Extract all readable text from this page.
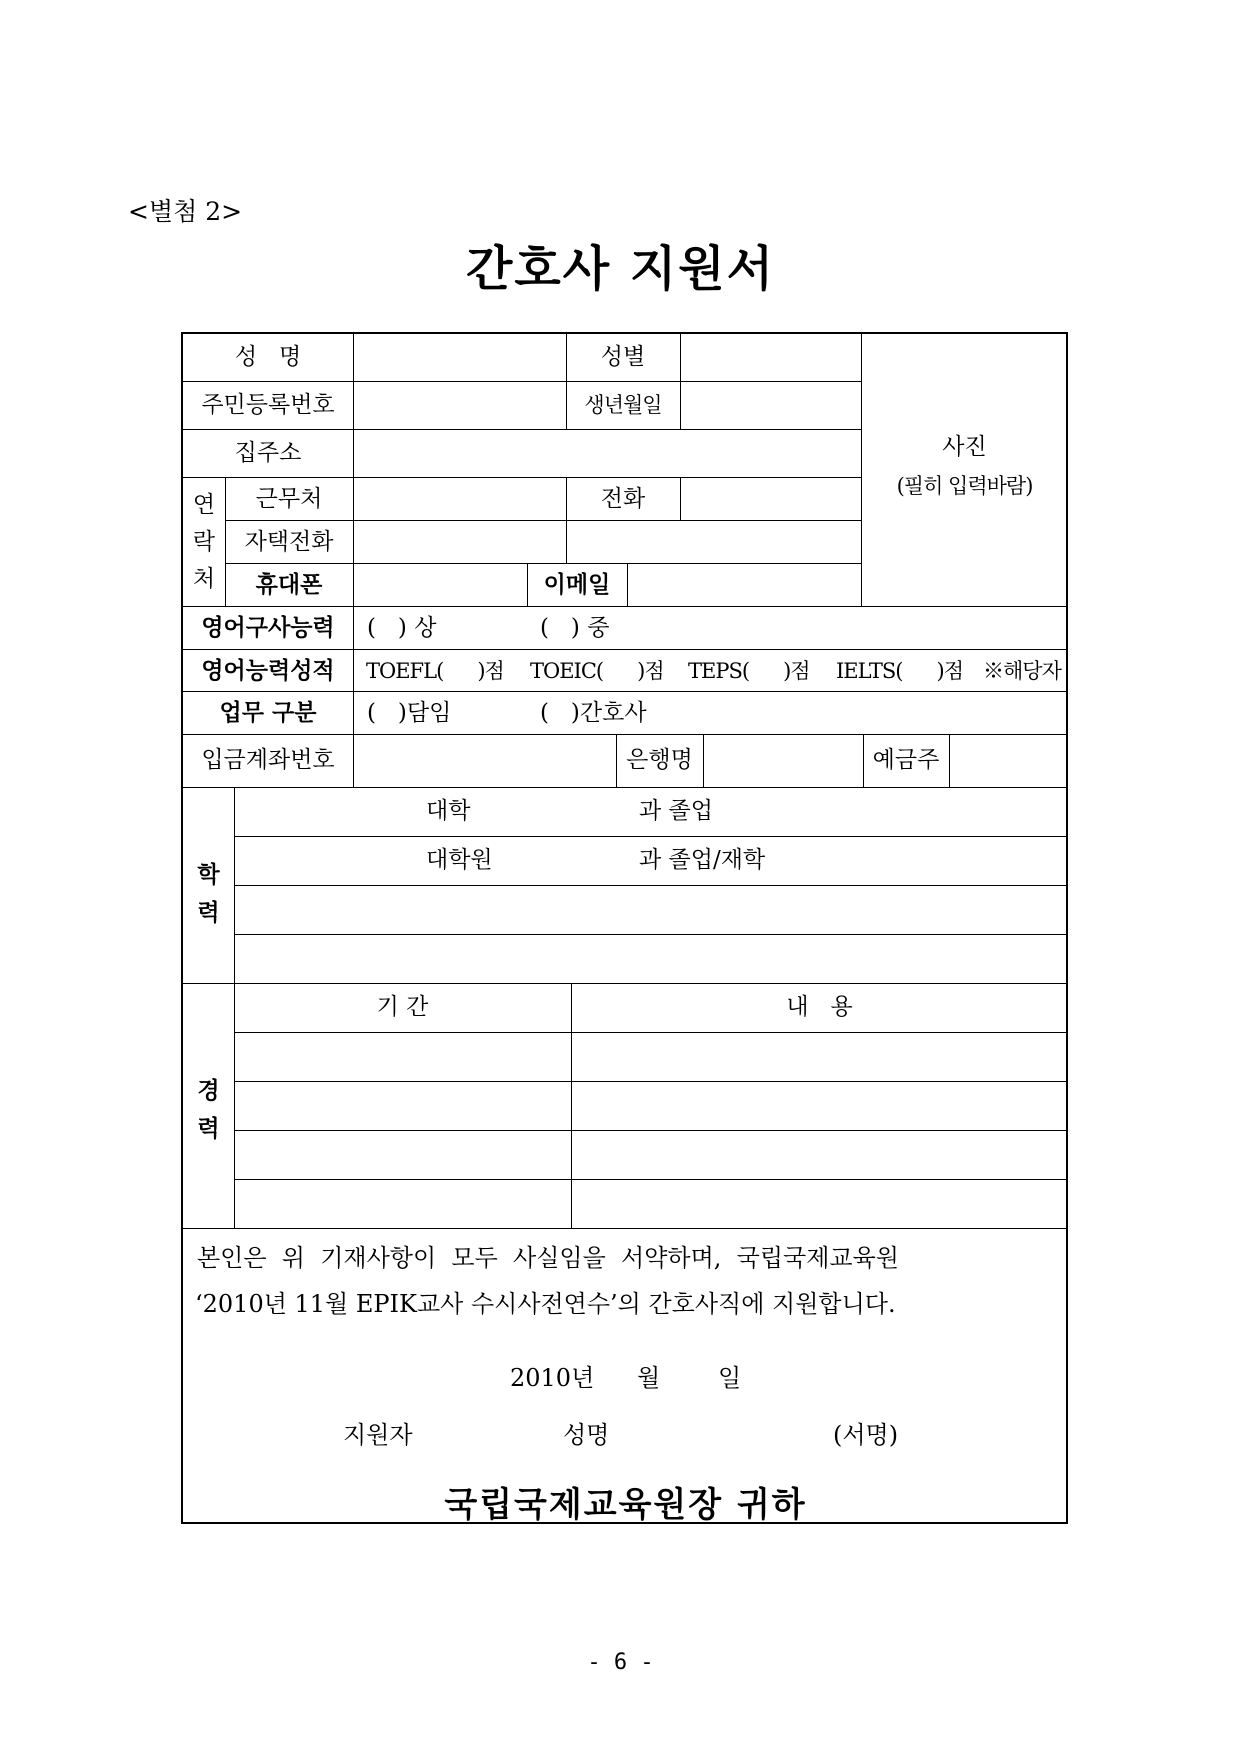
<별첨 2>
간호사 지원서
성   명	성별
주민등록번호	생년월일
집주소	사진
(필히 입력바람)
연
락
처
근무처	전화
자택전화
휴대폰	이메일
영어구사능력	(   ) 상	(   ) 중
영어능력성적	TOEFL(      )점 TOEIC(      )점 TEPS(      )점 IELTS(      )점 ※해당자
업무 구분	(   )담임	(   )간호사
입금계좌번호	은행명	예금주
학
력
대학	과 졸업
대학원	과 졸업/재학
경
력
기 간	내   용
본인은  위  기재사항이  모두  사실임을  서약하며,  국립국제교육원
‘2010년 11월 EPIK교사 수시사전연수’의 간호사직에 지원합니다.
2010년 월 일
지원자	성명	(서명)
국립국제교육원장 귀하
- 6 -
